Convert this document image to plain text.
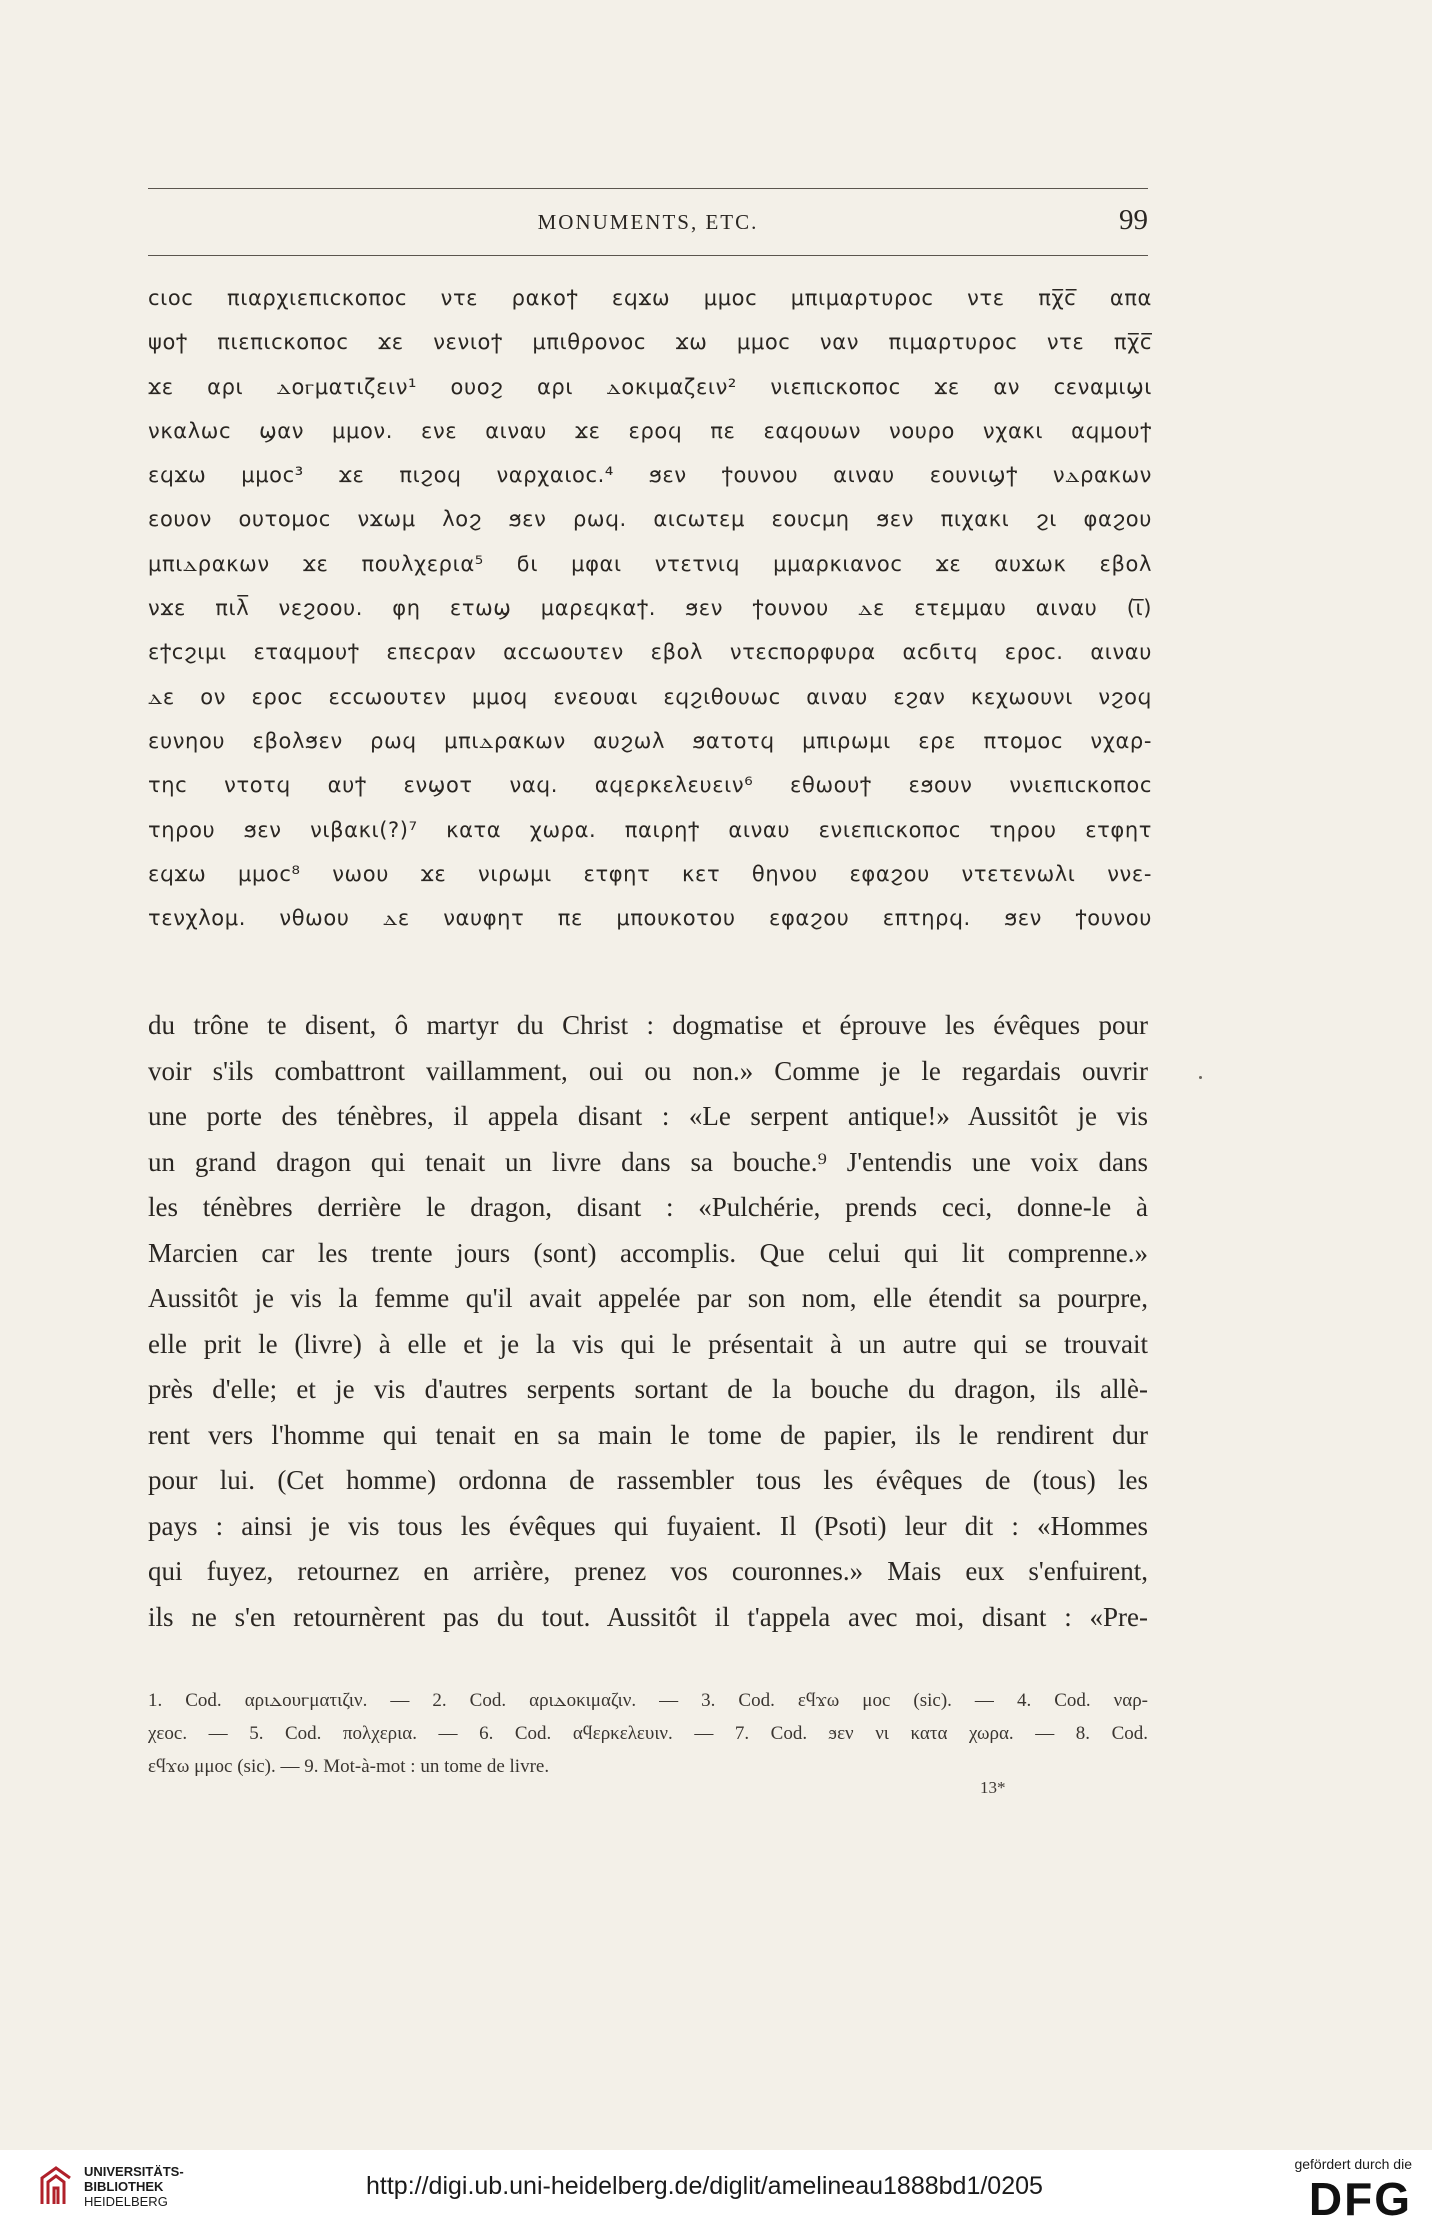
MONUMENTS, ETC.	99
cιoc πιαρχιεπιcκοποc ντε ρακοϯ εϥϫω μμοc μπιμαρτυροc ντε πχ̅c̅ απα
ψοϯ πιεπιcκοποc ϫε νενιοϯ μπιθρονοc ϫω μμοc ναν πιμαρτυροc ντε πχ̅c̅
ϫε αρι ⲇοⲅματιζειν¹ ουοϩ αρι ⲇοκιμαζειν² νιεπιcκοποc ϫε αν cεναμιϣι
νκαλωc ϣαν μμον. ενε αιναυ ϫε εροϥ πε εαϥουων νουρο νχακι αϥμουϯ
εϥϫω μμοc³ ϫε πιϩοϥ ναρχαιοc.⁴ ϧεν ϯουνου αιναυ εουνιϣϯ νⲇρακων
εουον ουτομοc νϫωμ λοϩ ϧεν ρωϥ. αιcωτεμ εουcμη ϧεν πιχακι ϩι φαϩου
μπιⲇρακων ϫε πουλχερια⁵ ϭι μφαι ντετνιϥ μμαρκιανοc ϫε αυϫωκ εβολ
νϫε πιλ̅ νεϩοου. φη ετωϣ μαρεϥκαϯ. ϧεν ϯουνου ⲇε ετεμμαυ αιναυ (ι̅)
εϯcϩιμι εταϥμουϯ επεcραν αccωουτεν εβολ ντεcπορφυρα αcϭιτϥ εροc. αιναυ
ⲇε ον εροc εccωουτεν μμοϥ ενεουαι εϥϩιθουωc αιναυ εϩαν κεχωουνι νϩοϥ
ευνηου εβολϧεν ρωϥ μπιⲇρακων αυϩωλ ϧατοτϥ μπιρωμι ερε πτομοc νχαρ-
τηc ντοτϥ αυϯ ενϣοτ ναϥ. αϥερκελευειν⁶ εθωουϯ εϧουν ννιεπιcκοποc
τηρου ϧεν νιβακι(?)⁷ κατα χωρα. παιρηϯ αιναυ ενιεπιcκοποc τηρου ετφητ
εϥϫω μμοc⁸ νωου ϫε νιρωμι ετφητ κετ θηνου εφαϩου ντετενωλι ννε-
τενχλομ. νθωου ⲇε ναυφητ πε μπουκοτου εφαϩου επτηρϥ. ϧεν ϯουνου
du trône te disent, ô martyr du Christ : dogmatise et éprouve les évêques pour
voir s'ils combattront vaillamment, oui ou non.» Comme je le regardais ouvrir
une porte des ténèbres, il appela disant : «Le serpent antique!» Aussitôt je vis
un grand dragon qui tenait un livre dans sa bouche.⁹ J'entendis une voix dans
les ténèbres derrière le dragon, disant : «Pulchérie, prends ceci, donne-le à
Marcien car les trente jours (sont) accomplis. Que celui qui lit comprenne.»
Aussitôt je vis la femme qu'il avait appelée par son nom, elle étendit sa pourpre,
elle prit le (livre) à elle et je la vis qui le présentait à un autre qui se trouvait
près d'elle; et je vis d'autres serpents sortant de la bouche du dragon, ils allè-
rent vers l'homme qui tenait en sa main le tome de papier, ils le rendirent dur
pour lui. (Cet homme) ordonna de rassembler tous les évêques de (tous) les
pays : ainsi je vis tous les évêques qui fuyaient. Il (Psoti) leur dit : «Hommes
qui fuyez, retournez en arrière, prenez vos couronnes.» Mais eux s'enfuirent,
ils ne s'en retournèrent pas du tout. Aussitôt il t'appela avec moi, disant : «Pre-
1. Cod. αριⲇουⲅματιζιν. — 2. Cod. αριⲇοκιμαζιν. — 3. Cod. εϥϫω μοc (sic). — 4. Cod. ναρ-
χεοc. — 5. Cod. πολχερια. — 6. Cod. αϥερκελευιν. — 7. Cod. ϧεν νι κατα χωρα. — 8. Cod.
εϥϫω μμοc (sic). — 9. Mot-à-mot : un tome de livre.
13*
UNIVERSITÄTS-
BIBLIOTHEK
HEIDELBERG
http://digi.ub.uni-heidelberg.de/diglit/amelineau1888bd1/0205
gefördert durch die
DFG
